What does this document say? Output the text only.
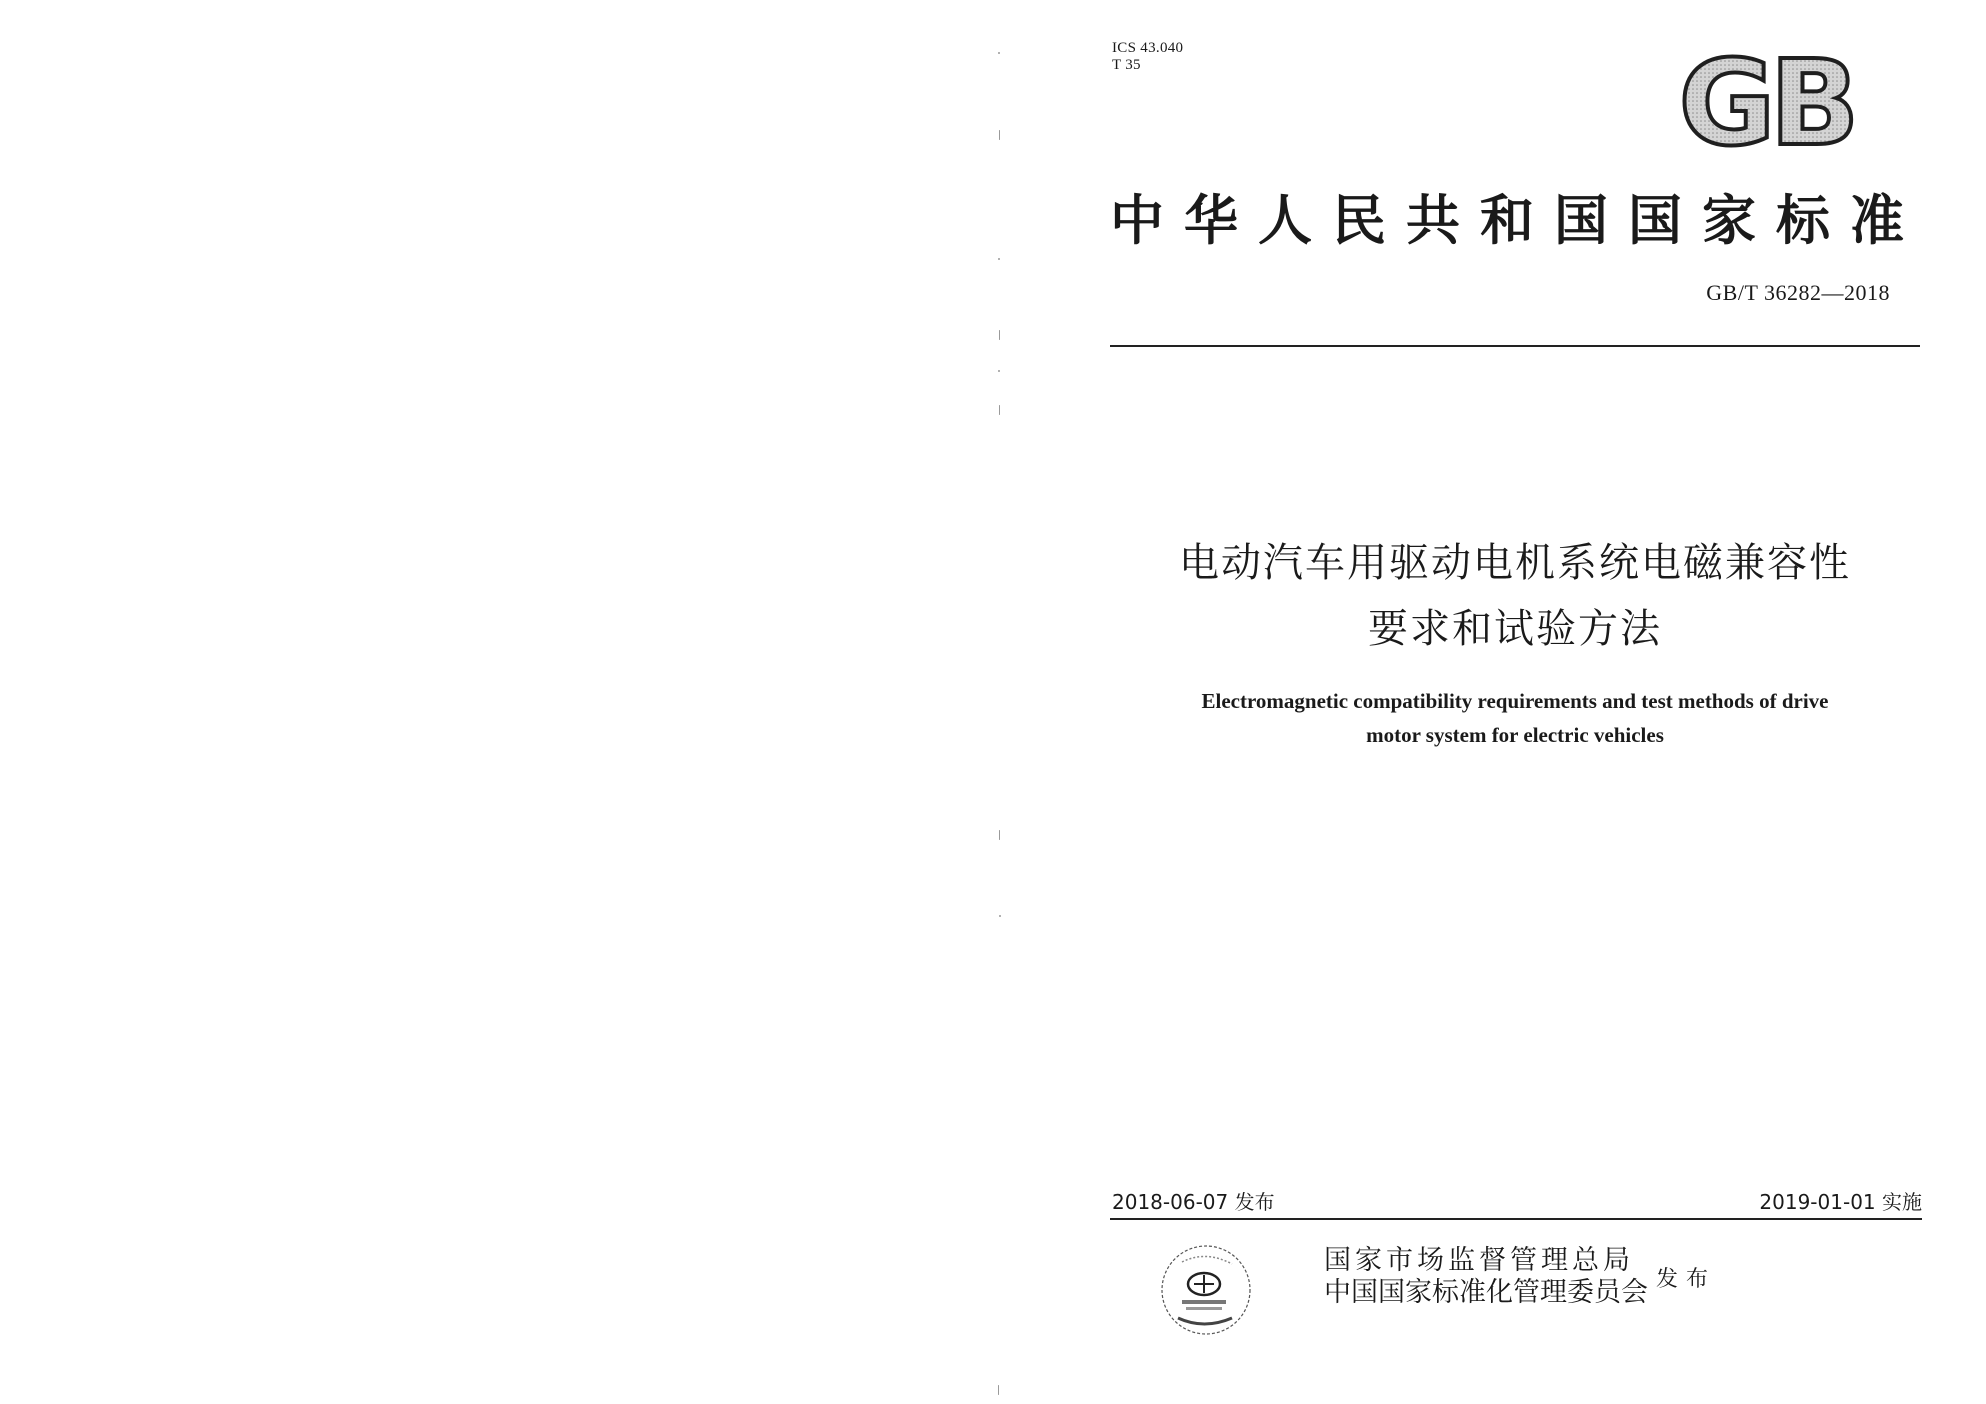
ICS 43.040
T 35	GB
中华人民共和国国家标准
GB/T 36282—2018
电动汽车用驱动电机系统电磁兼容性
要求和试验方法
Electromagnetic compatibility requirements and test methods of drive
motor system for electric vehicles
2018-06-07 发布	2019-01-01 实施
国家市场监督管理总局
中国国家标准化管理委员会 发布
